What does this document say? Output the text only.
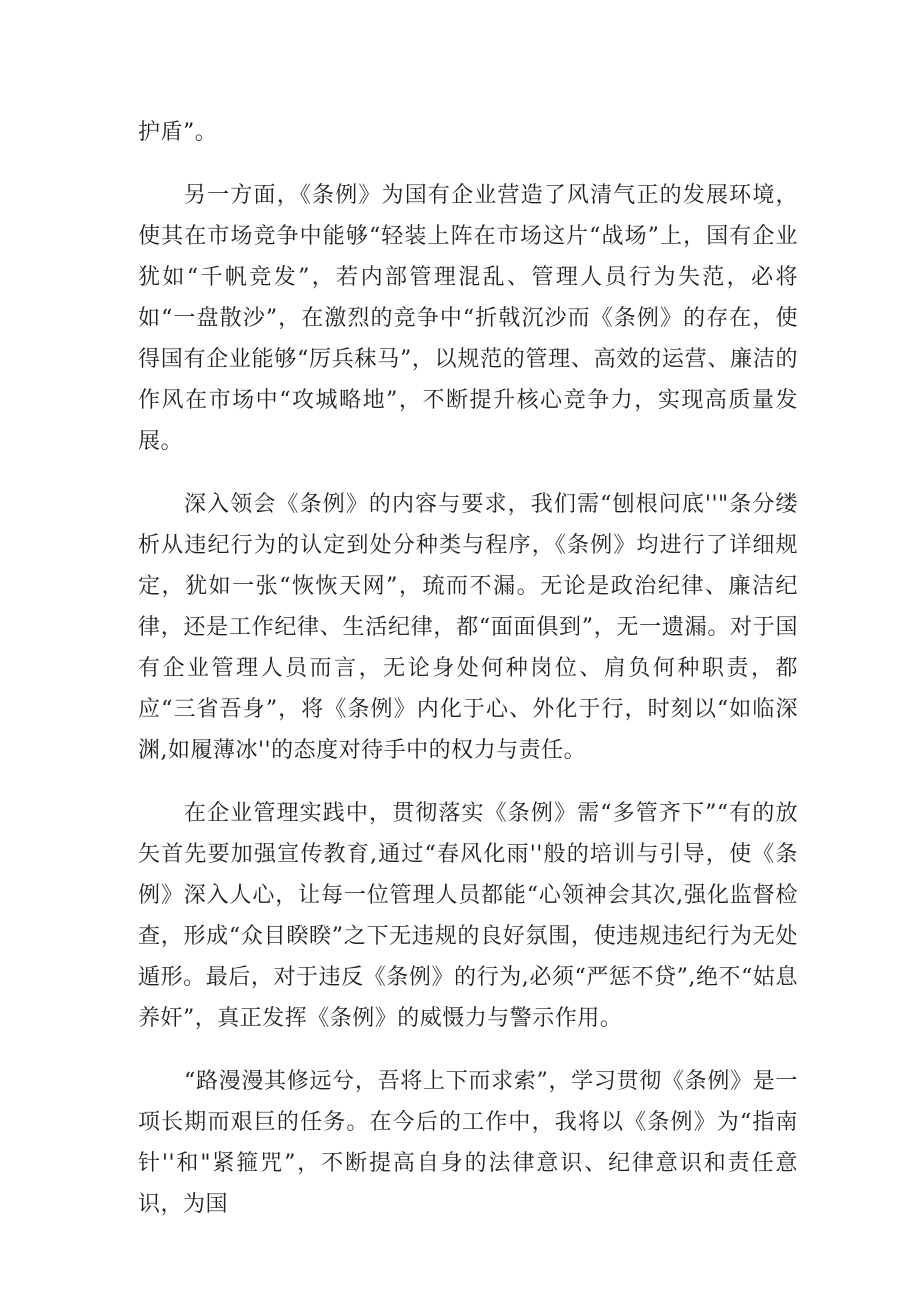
护盾”。

另一方面，《条例》为国有企业营造了风清气正的发展环境，使其在市场竞争中能够“轻装上阵在市场这片“战场”上，国有企业犹如“千帆竞发”，若内部管理混乱、管理人员行为失范，必将如“一盘散沙”，在激烈的竞争中“折戟沉沙而《条例》的存在，使得国有企业能够“厉兵秣马”，以规范的管理、高效的运营、廉洁的作风在市场中“攻城略地”，不断提升核心竞争力，实现高质量发展。

深入领会《条例》的内容与要求，我们需“刨根问底''"条分缕析从违纪行为的认定到处分种类与程序，《条例》均进行了详细规定，犹如一张“恢恢天网”，琉而不漏。无论是政治纪律、廉洁纪律，还是工作纪律、生活纪律，都“面面俱到”，无一遗漏。对于国有企业管理人员而言，无论身处何种岗位、肩负何种职责，都应“三省吾身”，将《条例》内化于心、外化于行，时刻以“如临深渊,如履薄冰''的态度对待手中的权力与责任。

在企业管理实践中，贯彻落实《条例》需“多管齐下”“有的放矢首先要加强宣传教育,通过“春风化雨''般的培训与引导，使《条例》深入人心，让每一位管理人员都能“心领神会其次,强化监督检查，形成“众目睽睽”之下无违规的良好氛围，使违规违纪行为无处遁形。最后，对于违反《条例》的行为,必须“严惩不贷”,绝不“姑息养奸”，真正发挥《条例》的威慑力与警示作用。

“路漫漫其修远兮，吾将上下而求索”，学习贯彻《条例》是一项长期而艰巨的任务。在今后的工作中，我将以《条例》为“指南针''和"紧箍咒”，不断提高自身的法律意识、纪律意识和责任意识，为国
